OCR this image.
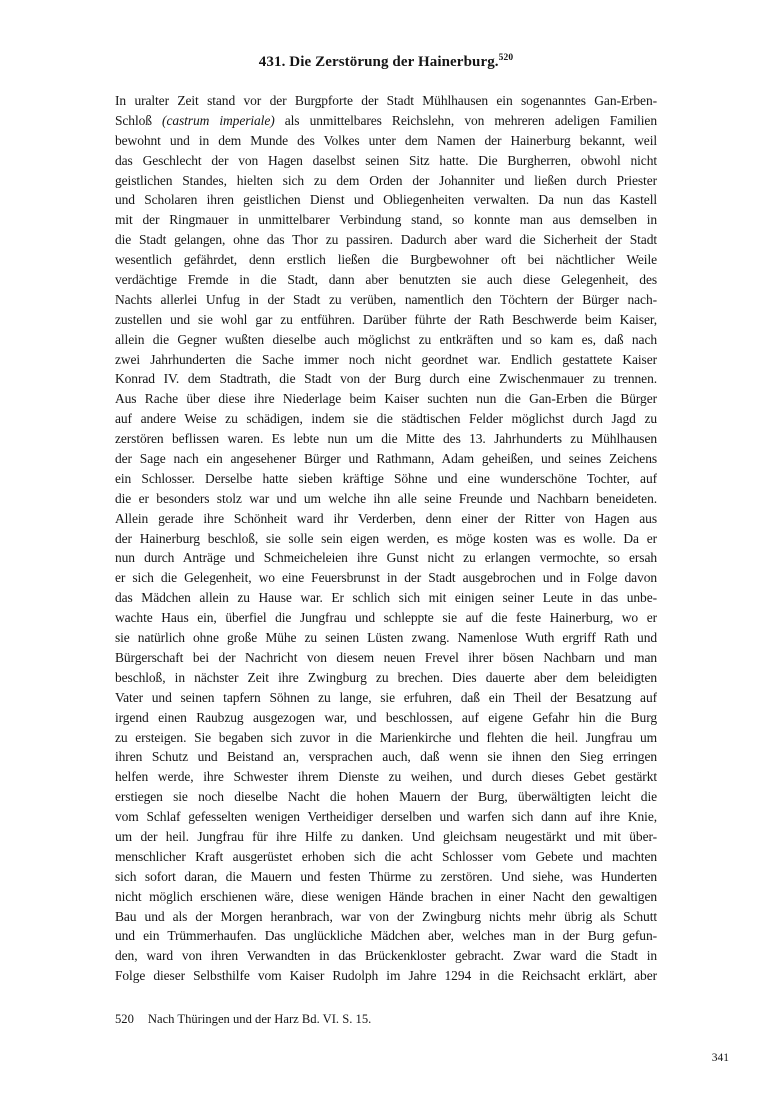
431. Die Zerstörung der Hainerburg.$^{520}$
In uralter Zeit stand vor der Burgpforte der Stadt Mühlhausen ein sogenanntes Gan-Erben-
Schloß (castrum imperiale) als unmittelbares Reichslehn, von mehreren adeligen Familien
bewohnt und in dem Munde des Volkes unter dem Namen der Hainerburg bekannt, weil
das Geschlecht der von Hagen daselbst seinen Sitz hatte. Die Burgherren, obwohl nicht
geistlichen Standes, hielten sich zu dem Orden der Johanniter und ließen durch Priester
und Scholaren ihren geistlichen Dienst und Obliegenheiten verwalten. Da nun das Kastell
mit der Ringmauer in unmittelbarer Verbindung stand, so konnte man aus demselben in
die Stadt gelangen, ohne das Thor zu passiren. Dadurch aber ward die Sicherheit der Stadt
wesentlich gefährdet, denn erstlich ließen die Burgbewohner oft bei nächtlicher Weile
verdächtige Fremde in die Stadt, dann aber benutzten sie auch diese Gelegenheit, des
Nachts allerlei Unfug in der Stadt zu verüben, namentlich den Töchtern der Bürger nach-
zustellen und sie wohl gar zu entführen. Darüber führte der Rath Beschwerde beim Kaiser,
allein die Gegner wußten dieselbe auch möglichst zu entkräften und so kam es, daß nach
zwei Jahrhunderten die Sache immer noch nicht geordnet war. Endlich gestattete Kaiser
Konrad IV. dem Stadtrath, die Stadt von der Burg durch eine Zwischenmauer zu trennen.
Aus Rache über diese ihre Niederlage beim Kaiser suchten nun die Gan-Erben die Bürger
auf andere Weise zu schädigen, indem sie die städtischen Felder möglichst durch Jagd zu
zerstören beflissen waren. Es lebte nun um die Mitte des 13. Jahrhunderts zu Mühlhausen
der Sage nach ein angesehener Bürger und Rathmann, Adam geheißen, und seines Zeichens
ein Schlosser. Derselbe hatte sieben kräftige Söhne und eine wunderschöne Tochter, auf
die er besonders stolz war und um welche ihn alle seine Freunde und Nachbarn beneideten.
Allein gerade ihre Schönheit ward ihr Verderben, denn einer der Ritter von Hagen aus
der Hainerburg beschloß, sie solle sein eigen werden, es möge kosten was es wolle. Da er
nun durch Anträge und Schmeicheleien ihre Gunst nicht zu erlangen vermochte, so ersah
er sich die Gelegenheit, wo eine Feuersbrunst in der Stadt ausgebrochen und in Folge davon
das Mädchen allein zu Hause war. Er schlich sich mit einigen seiner Leute in das unbe-
wachte Haus ein, überfiel die Jungfrau und schleppte sie auf die feste Hainerburg, wo er
sie natürlich ohne große Mühe zu seinen Lüsten zwang. Namenlose Wuth ergriff Rath und
Bürgerschaft bei der Nachricht von diesem neuen Frevel ihrer bösen Nachbarn und man
beschloß, in nächster Zeit ihre Zwingburg zu brechen. Dies dauerte aber dem beleidigten
Vater und seinen tapfern Söhnen zu lange, sie erfuhren, daß ein Theil der Besatzung auf
irgend einen Raubzug ausgezogen war, und beschlossen, auf eigene Gefahr hin die Burg
zu ersteigen. Sie begaben sich zuvor in die Marienkirche und flehten die heil. Jungfrau um
ihren Schutz und Beistand an, versprachen auch, daß wenn sie ihnen den Sieg erringen
helfen werde, ihre Schwester ihrem Dienste zu weihen, und durch dieses Gebet gestärkt
erstiegen sie noch dieselbe Nacht die hohen Mauern der Burg, überwältigten leicht die
vom Schlaf gefesselten wenigen Vertheidiger derselben und warfen sich dann auf ihre Knie,
um der heil. Jungfrau für ihre Hilfe zu danken. Und gleichsam neugestärkt und mit über-
menschlicher Kraft ausgerüstet erhoben sich die acht Schlosser vom Gebete und machten
sich sofort daran, die Mauern und festen Thürme zu zerstören. Und siehe, was Hunderten
nicht möglich erschienen wäre, diese wenigen Hände brachen in einer Nacht den gewaltigen
Bau und als der Morgen heranbrach, war von der Zwingburg nichts mehr übrig als Schutt
und ein Trümmerhaufen. Das unglückliche Mädchen aber, welches man in der Burg gefun-
den, ward von ihren Verwandten in das Brückenkloster gebracht. Zwar ward die Stadt in
Folge dieser Selbsthilfe vom Kaiser Rudolph im Jahre 1294 in die Reichsacht erklärt, aber
520 Nach Thüringen und der Harz Bd. VI. S. 15.
341
